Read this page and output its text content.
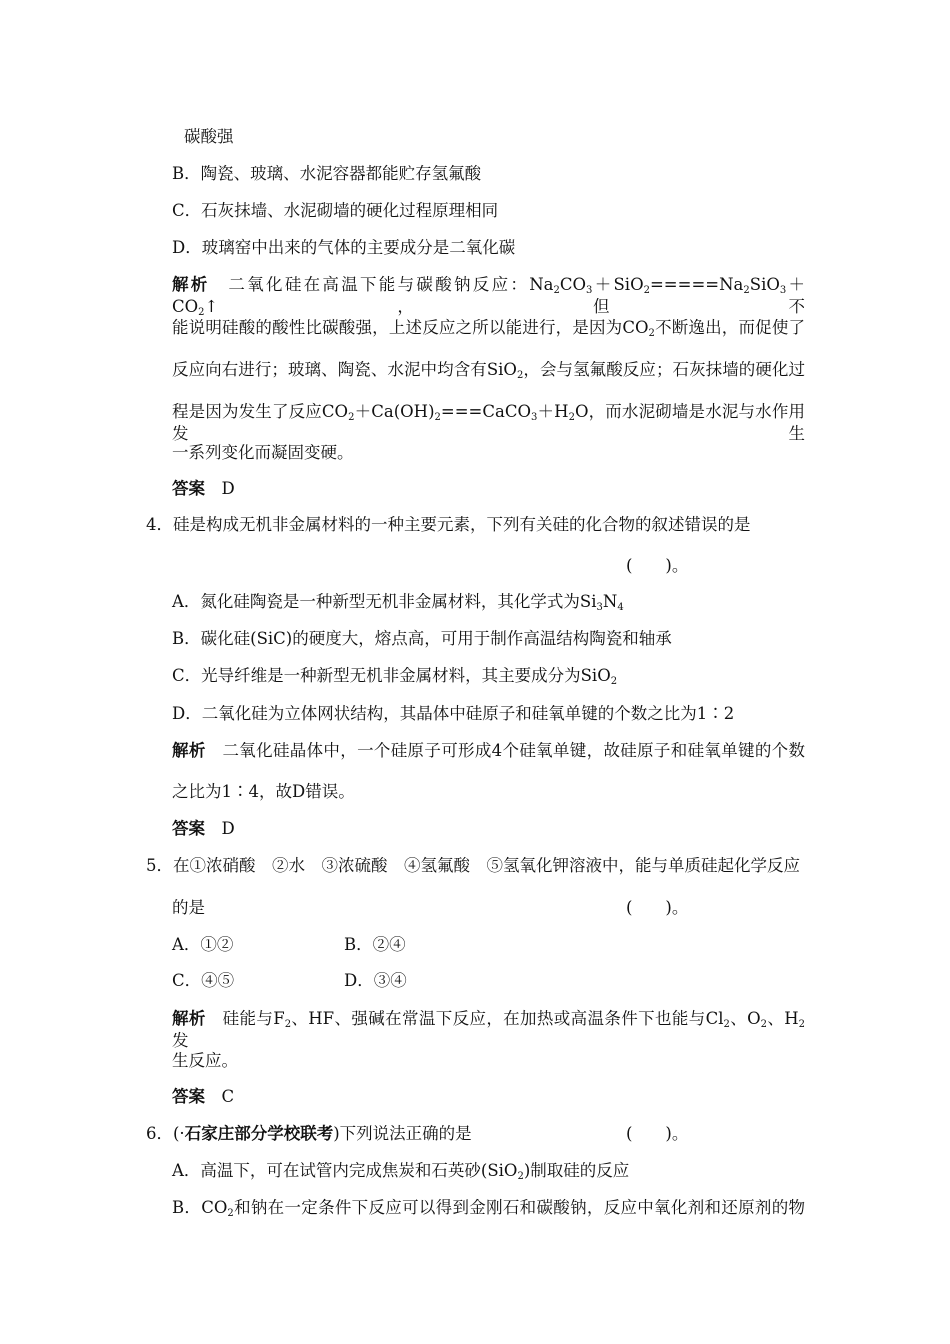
碳酸强
B．陶瓷、玻璃、水泥容器都能贮存氢氟酸
C．石灰抹墙、水泥砌墙的硬化过程原理相同
D．玻璃窑中出来的气体的主要成分是二氧化碳
解析　 二氧化硅在高温下能与碳酸钠反应：$Na_2CO_3+SiO_2=====Na_2SiO_3+CO_2↑$，但不
能说明硅酸的酸性比碳酸强，上述反应之所以能进行，是因为$CO_2$不断逸出，而促使了
反应向右进行；玻璃、陶瓷、水泥中均含有SiO$_2$，会与氢氟酸反应；石灰抹墙的硬化过
程是因为发生了反应$CO_2+Ca(OH)_2===CaCO_3+H_2O$，而水泥砌墙是水泥与水作用发生
一系列变化而凝固变硬。
答案　 D
4．硅是构成无机非金属材料的一种主要元素，下列有关硅的化合物的叙述错误的是
(　　)。
A．氮化硅陶瓷是一种新型无机非金属材料，其化学式为$Si_3N_4$
B．碳化硅(SiC)的硬度大，熔点高，可用于制作高温结构陶瓷和轴承
C．光导纤维是一种新型无机非金属材料，其主要成分为SiO$_2$
D．二氧化硅为立体网状结构，其晶体中硅原子和硅氧单键的个数之比为1∶2
解析　 二氧化硅晶体中，一个硅原子可形成4个硅氧单键，故硅原子和硅氧单键的个数
之比为1∶4，故D错误。
答案　 D
5．在①浓硝酸　②水　③浓硫酸　④氢氟酸　⑤氢氧化钾溶液中，能与单质硅起化学反应
的是	(　　)。
A．①②	B．②④
C．④⑤	D．③④
解析　 硅能与$F_2$、HF、强碱在常温下反应，在加热或高温条件下也能与$Cl_2$、$O_2$、$H_2$发
生反应。
答案　 C
6．(·石家庄部分学校联考)下列说法正确的是	(　　)。
A．高温下，可在试管内完成焦炭和石英砂(SiO$_2$)制取硅的反应
B．$CO_2$和钠在一定条件下反应可以得到金刚石和碳酸钠，反应中氧化剂和还原剂的物
